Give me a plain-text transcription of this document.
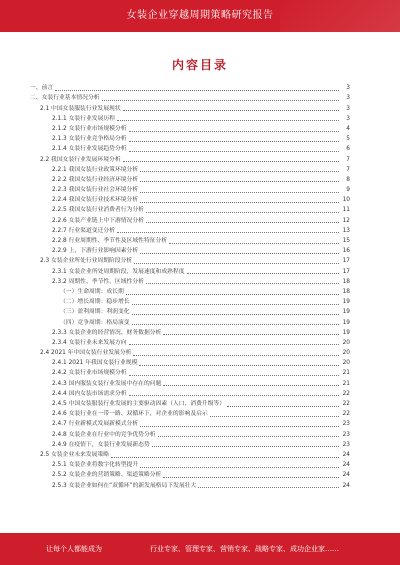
女装企业穿越周期策略研究报告
内容目录
一、前言	3
二、女装行业基本情况分析	3
2.1 中国女装服装行业发展现状	3
2.1.1 女装行业发展历程	3
2.1.2 女装行业市场规模分析	4
2.1.3 女装行业竞争格局分析	5
2.1.4 女装行业发展趋势分析	6
2.2 我国女装行业发展环境分析	7
2.2.1 我国女装行业政策环境分析	7
2.2.2 我国女装行业经济环境分析	8
2.2.3 我国女装行业社会环境分析	9
2.2.4 我国女装行业技术环境分析	10
2.2.5 我国女装行业消费者行为分析	11
2.2.6 女装产业链上中下游情况分析	12
2.2.7 行业渠道变迁分析	13
2.2.8 行业周期性、季节性及区域性特征分析	15
2.2.9 上、下游行业影响因素分析	16
2.3 女装企业所处行业周期阶段分析	17
2.3.1 女装企业所处周期阶段，发展速度和成熟程度	17
2.3.2 周期性、季节性、区域性分析	18
（一）生命周期：成长期	18
（二）增长周期：稳步增长	19
（三）盈利周期：利润变化	19
（四）竞争周期：格局演变	19
2.3.3 女装企业的经营情况、财务数据分析	19
2.3.4 女装行业未来发展方向	20
2.4 2021 年中国女装行业发展分析	20
2.4.1 2021 年我国女装行业规模	20
2.4.2 女装行业市场规模分析	21
2.4.3 国内服装女装行业发展中存在的问题	21
2.4.4 国内女装市场需求分析	22
2.4.5 中国女装服装行业发展的主要驱动因素（人口、消费升级等）	22
2.4.6 女装行业在一带一路、双循环下，对企业的影响及启示	22
2.4.7 行业新模式发展新模式分析	23
2.4.8 女装企业在行业中的竞争优势分析	23
2.4.9 在疫情下，女装行业发展新态势	23
2.5 女装企业未来发展策略	24
2.5.1 女装企业将数字化转型提升	24
2.5.2 女装企业的营销策略、渠道策略分析	24
2.5.3 女装企业如何在“双循环”的新发展格局下发展壮大	24
让每个人都能成为	行业专家、管理专家、营销专家、战略专家、成功企业家……
